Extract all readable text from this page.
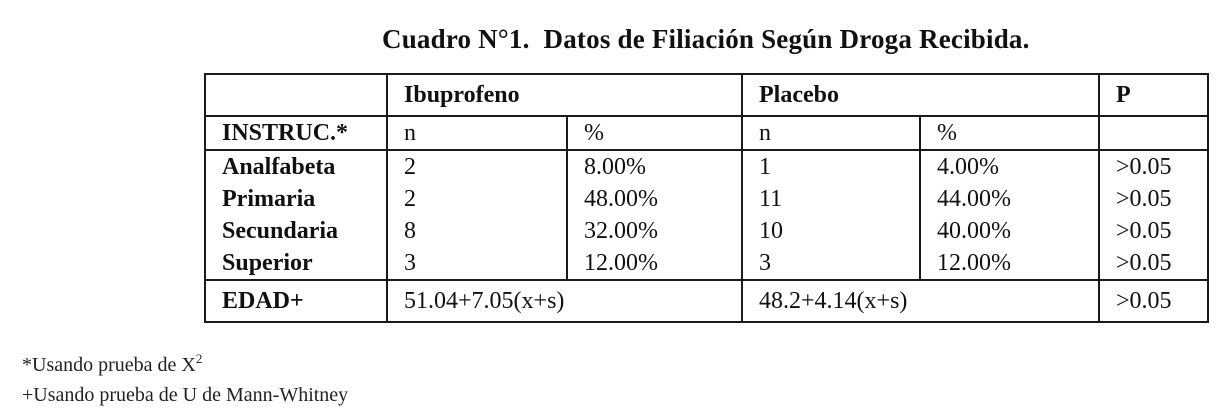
Cuadro N°1. Datos de Filiación Según Droga Recibida.
	Ibuprofeno		Placebo		P
INSTRUC.*	n	%	n	%	
Analfabeta	2	8.00%	1	4.00%	>0.05
Primaria	2	48.00%	11	44.00%	>0.05
Secundaria	8	32.00%	10	40.00%	>0.05
Superior	3	12.00%	3	12.00%	>0.05
EDAD+	51.04+7.05(x+s)		48.2+4.14(x+s)		>0.05
*Usando prueba de $X^2$
+Usando prueba de U de Mann-Whitney
